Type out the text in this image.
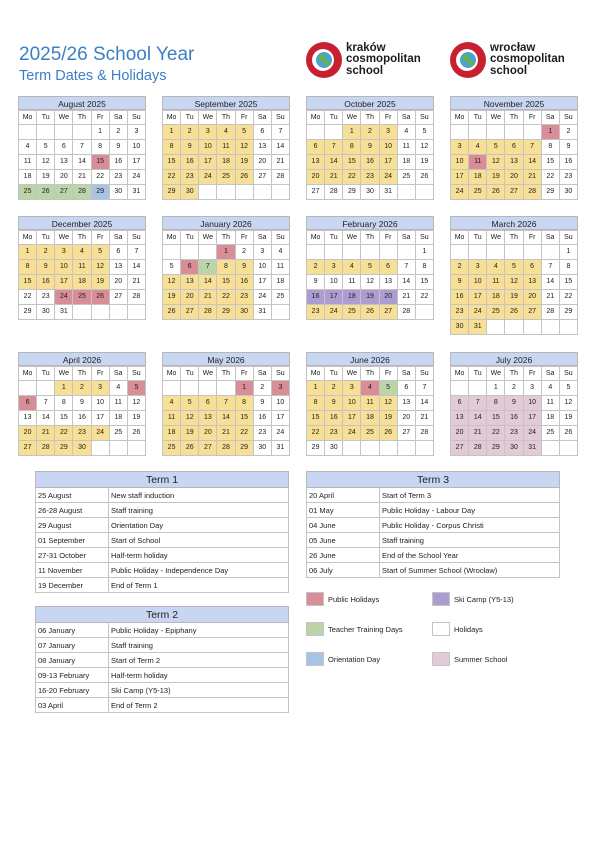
2025/26 School Year
Term Dates & Holidays
kraków
cosmopolitan
school
wrocław
cosmopolitan
school
August 2025
Mo	Tu	We	Th	Fr	Sa	Su
				1	2	3
4	5	6	7	8	9	10
11	12	13	14	15	16	17
18	19	20	21	22	23	24
25	26	27	28	29	30	31
September 2025
Mo	Tu	We	Th	Fr	Sa	Su
1	2	3	4	5	6	7
8	9	10	11	12	13	14
15	16	17	18	19	20	21
22	23	24	25	26	27	28
29	30					
October 2025
Mo	Tu	We	Th	Fr	Sa	Su
		1	2	3	4	5
6	7	8	9	10	11	12
13	14	15	16	17	18	19
20	21	22	23	24	25	26
27	28	29	30	31		
November 2025
Mo	Tu	We	Th	Fr	Sa	Su
					1	2
3	4	5	6	7	8	9
10	11	12	13	14	15	16
17	18	19	20	21	22	23
24	25	26	27	28	29	30
December 2025
Mo	Tu	We	Th	Fr	Sa	Su
1	2	3	4	5	6	7
8	9	10	11	12	13	14
15	16	17	18	19	20	21
22	23	24	25	26	27	28
29	30	31				
January 2026
Mo	Tu	We	Th	Fr	Sa	Su
			1	2	3	4
5	6	7	8	9	10	11
12	13	14	15	16	17	18
19	20	21	22	23	24	25
26	27	28	29	30	31	
February 2026
Mo	Tu	We	Th	Fr	Sa	Su
						1
2	3	4	5	6	7	8
9	10	11	12	13	14	15
16	17	18	19	20	21	22
23	24	25	26	27	28	
March 2026
Mo	Tu	We	Th	Fr	Sa	Su
						1
2	3	4	5	6	7	8
9	10	11	12	13	14	15
16	17	18	19	20	21	22
23	24	25	26	27	28	29
30	31					
April 2026
Mo	Tu	We	Th	Fr	Sa	Su
		1	2	3	4	5
6	7	8	9	10	11	12
13	14	15	16	17	18	19
20	21	22	23	24	25	26
27	28	29	30			
May 2026
Mo	Tu	We	Th	Fr	Sa	Su
				1	2	3
4	5	6	7	8	9	10
11	12	13	14	15	16	17
18	19	20	21	22	23	24
25	26	27	28	29	30	31
June 2026
Mo	Tu	We	Th	Fr	Sa	Su
1	2	3	4	5	6	7
8	9	10	11	12	13	14
15	16	17	18	19	20	21
22	23	24	25	26	27	28
29	30					
July 2026
Mo	Tu	We	Th	Fr	Sa	Su
		1	2	3	4	5
6	7	8	9	10	11	12
13	14	15	16	17	18	19
20	21	22	23	24	25	26
27	28	29	30	31		
Term 1	
25 August	New staff induction
26-28 August	Staff training
29 August	Orientation Day
01 September	Start of School
27-31 October	Half-term holiday
11 November	Public Holiday - Independence Day
19 December	End of Term 1
Term 2	
06 January	Public Holiday - Epiphany
07 January	Staff training
08 January	Start of Term 2
09-13 February	Half-term holiday
16-20 February	Ski Camp (Y5-13)
03 April	End of Term 2
Term 3	
20 April	Start of Term 3
01 May	Public Holiday - Labour Day
04 June	Public Holiday - Corpus Christi
05 June	Staff training
26 June	End of the School Year
06 July	Start of Summer School (Wrocław)
Public Holidays	Ski Camp (Y5-13)
Teacher Training Days	Holidays
Orientation Day	Summer School
